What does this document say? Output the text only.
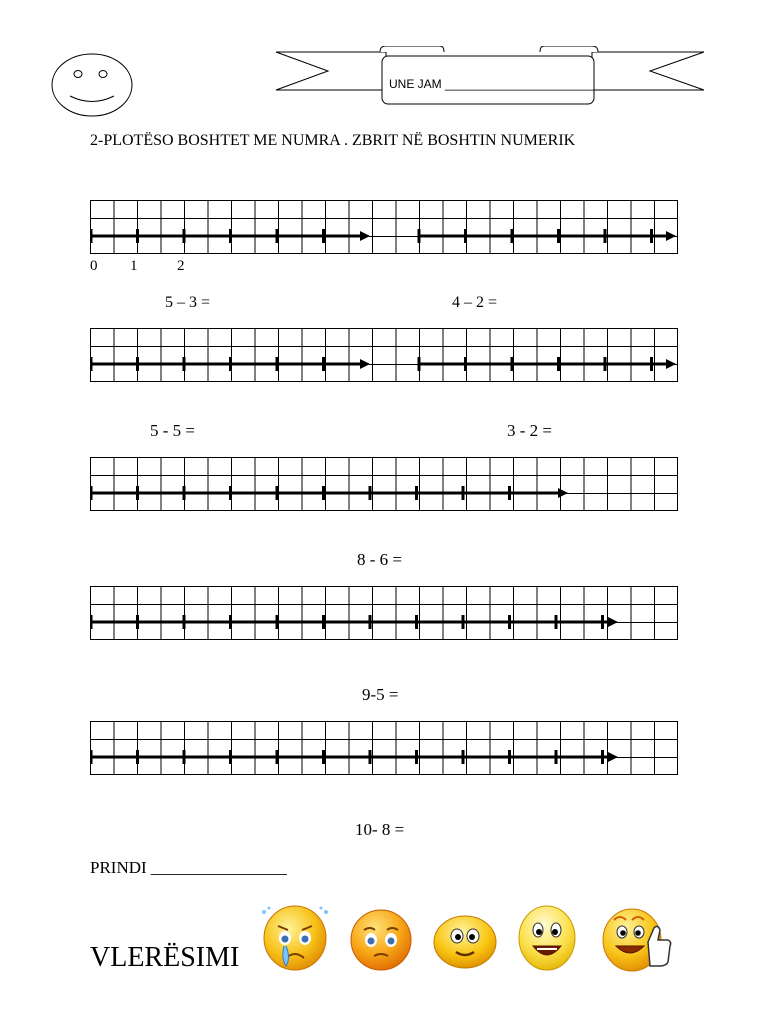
UNE JAM _______________________
2-PLOTËSO BOSHTET ME NUMRA . ZBRIT NË BOSHTIN NUMERIK
0 1	2
5 – 3 =	4 – 2 =
5 - 5 =	3 - 2 =
8 - 6 =
9-5 =
10- 8 =
PRINDI ________________
VLERËSIMI
